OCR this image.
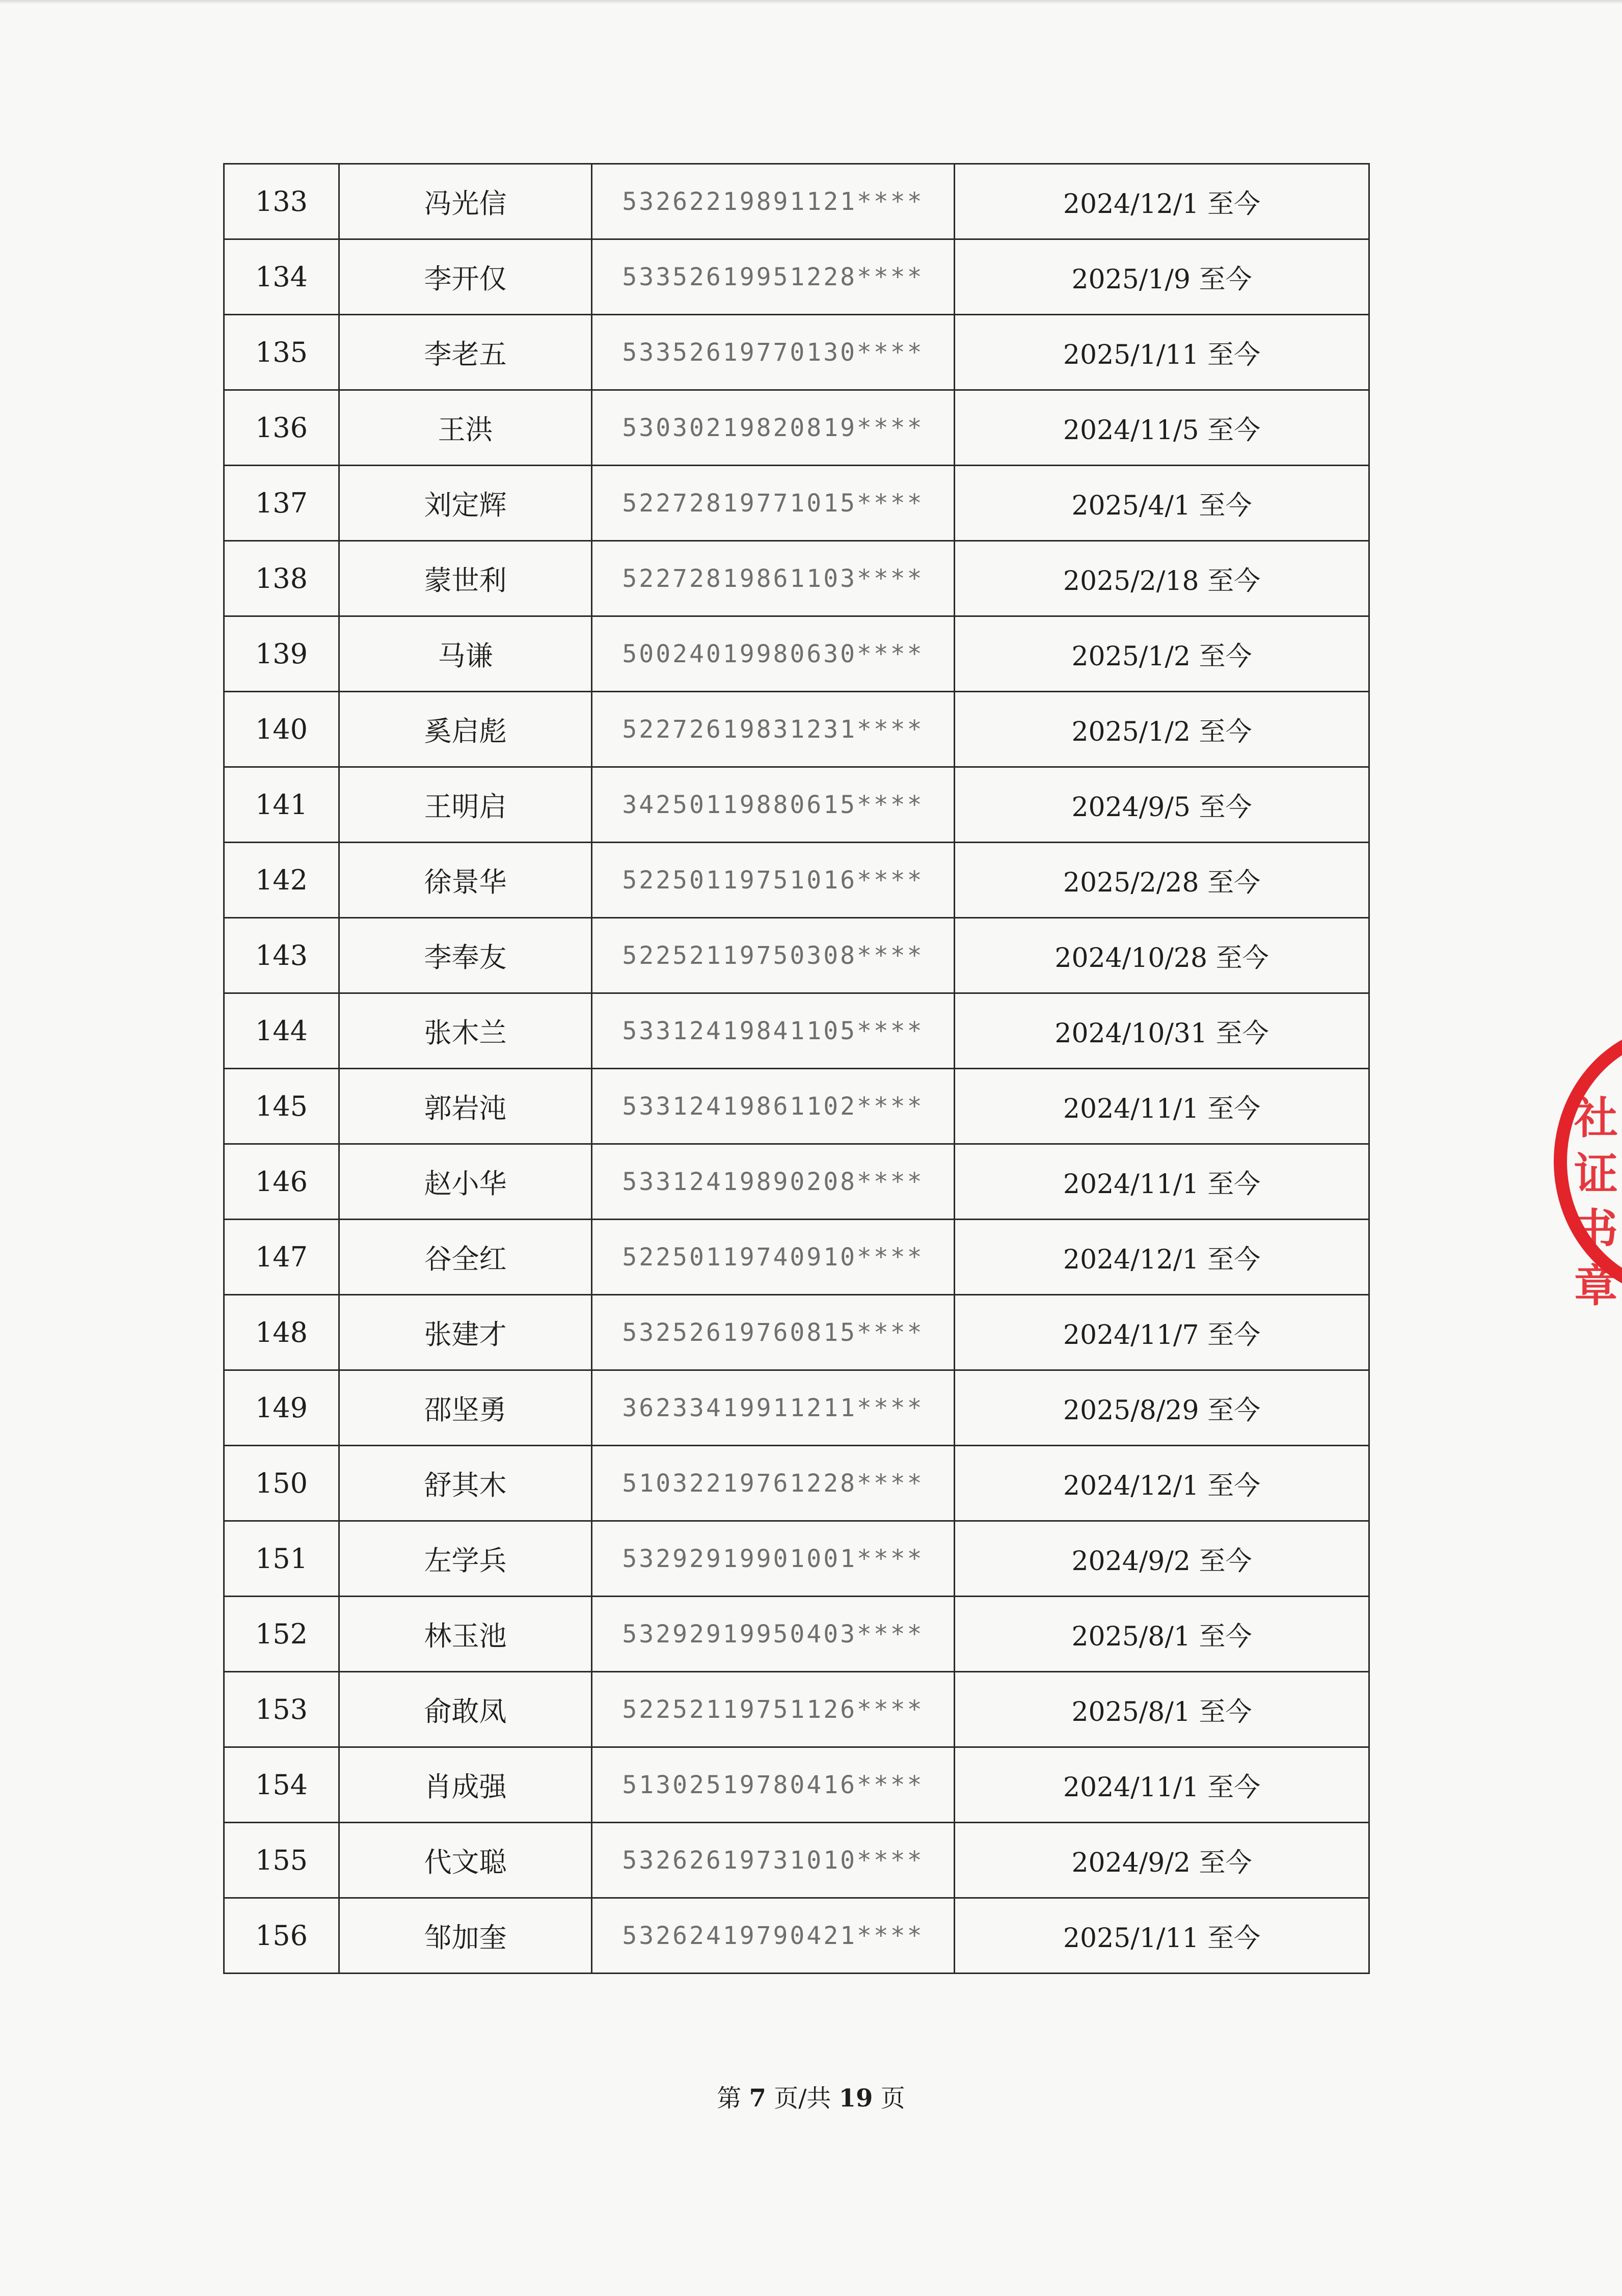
133	冯光信	53262219891121****	2024/12/1 至今
134	李开仅	53352619951228****	2025/1/9 至今
135	李老五	53352619770130****	2025/1/11 至今
136	王洪	53030219820819****	2024/11/5 至今
137	刘定辉	52272819771015****	2025/4/1 至今
138	蒙世利	52272819861103****	2025/2/18 至今
139	马谦	50024019980630****	2025/1/2 至今
140	奚启彪	52272619831231****	2025/1/2 至今
141	王明启	34250119880615****	2024/9/5 至今
142	徐景华	52250119751016****	2025/2/28 至今
143	李奉友	52252119750308****	2024/10/28 至今
144	张木兰	53312419841105****	2024/10/31 至今
145	郭岩沌	53312419861102****	2024/11/1 至今
146	赵小华	53312419890208****	2024/11/1 至今
147	谷全红	52250119740910****	2024/12/1 至今
148	张建才	53252619760815****	2024/11/7 至今
149	邵坚勇	36233419911211****	2025/8/29 至今
150	舒其木	51032219761228****	2024/12/1 至今
151	左学兵	53292919901001****	2024/9/2 至今
152	林玉池	53292919950403****	2025/8/1 至今
153	俞敢凤	52252119751126****	2025/8/1 至今
154	肖成强	51302519780416****	2024/11/1 至今
155	代文聪	53262619731010****	2024/9/2 至今
156	邹加奎	53262419790421****	2025/1/11 至今
第 7 页/共 19 页
社证书章
